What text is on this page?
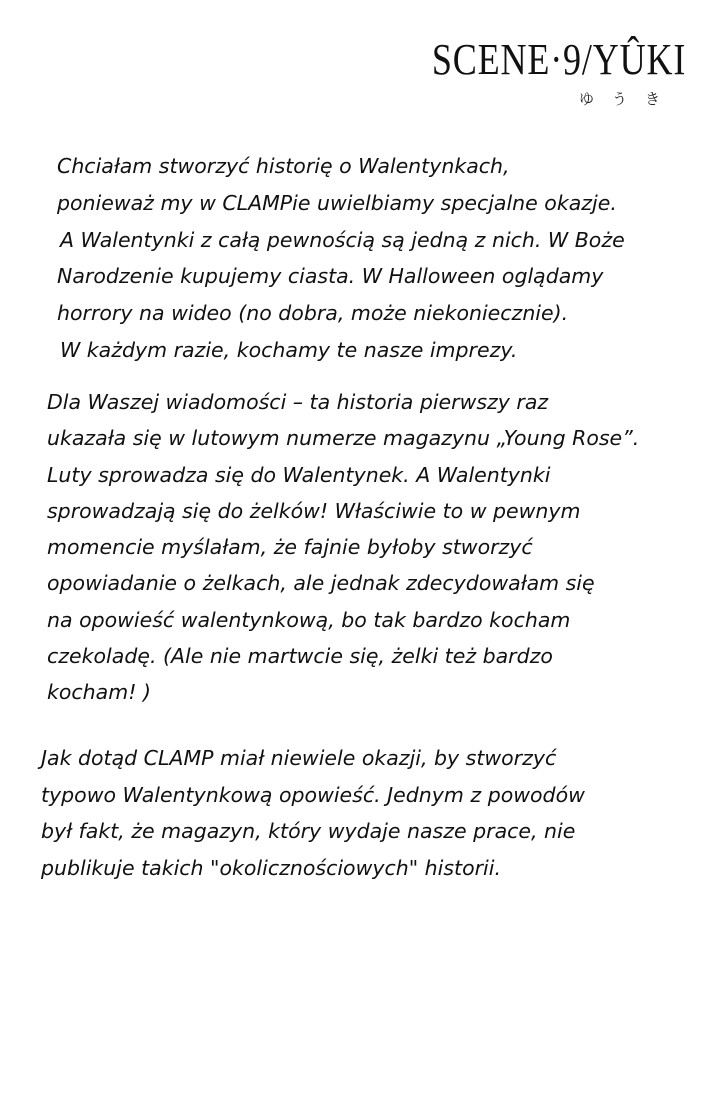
SCENE·9/YÛKI
ゆうき
Chciałam stworzyć historię o Walentynkach,
ponieważ my w CLAMPie uwielbiamy specjalne okazje.
A Walentynki z całą pewnością są jedną z nich. W Boże
Narodzenie kupujemy ciasta. W Halloween oglądamy
horrory na wideo (no dobra, może niekoniecznie).
W każdym razie, kochamy te nasze imprezy.
Dla Waszej wiadomości – ta historia pierwszy raz
ukazała się w lutowym numerze magazynu „Young Rose”.
Luty sprowadza się do Walentynek. A Walentynki
sprowadzają się do żelków! Właściwie to w pewnym
momencie myślałam, że fajnie byłoby stworzyć
opowiadanie o żelkach, ale jednak zdecydowałam się
na opowieść walentynkową, bo tak bardzo kocham
czekoladę. (Ale nie martwcie się, żelki też bardzo
kocham! )
Jak dotąd CLAMP miał niewiele okazji, by stworzyć
typowo Walentynkową opowieść. Jednym z powodów
był fakt, że magazyn, który wydaje nasze prace, nie
publikuje takich "okolicznościowych" historii.
